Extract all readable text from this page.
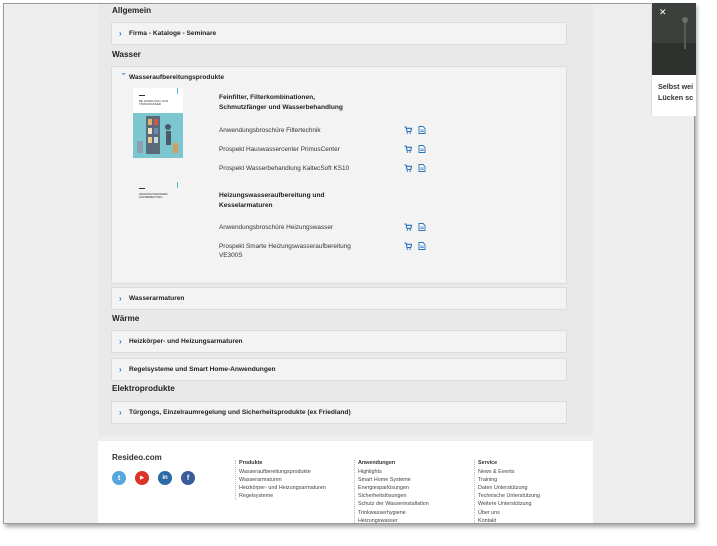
Allgemein
›	Firma - Kataloge - Seminare
Wasser
›
Wasseraufbereitungsprodukte
BE HANDLUNG VON TRINKWASSER
Feinfilter, Filterkombinationen,
Schmutzfänger und Wasserbehandlung
Anwendungsbroschüre Filtertechnik
Prospekt Hauswassercenter PrimusCenter
Prospekt Wasserbehandlung KaltecSoft KS10
HEIZUNGSWASSER- AUFBEREITUNG	Heizungswasseraufbereitung und
Kesselarmaturen
Anwendungsbroschüre Heizungswasser
Prospekt Smarte Heizungswasseraufbereitung
VE300S
›	Wasserarmaturen
Wärme
›	Heizkörper- und Heizungsarmaturen
›	Regelsysteme und Smart Home-Anwendungen
Elektroprodukte
›	Türgongs, Einzelraumregelung und Sicherheitsprodukte (ex Friedland)
Resideo.com
t	▶	in	f
Produkte
Wasseraufbereitungsprodukte
Wasserarmaturen
Heizkörper- und Heizungsarmaturen
Regelsysteme
Anwendungen
Highlights
Smart Home Systeme
Energiesparlösungen
Sicherheitslösungen
Schutz der Wasserinstallation
Trinkwasserhygiene
Heizungswasser
Service
News & Events
Training
Daten Unterstützung
Technische Unterstützung
Weitere Unterstützung
Über uns
Kontakt
✕
Selbst wei
Lücken sc
